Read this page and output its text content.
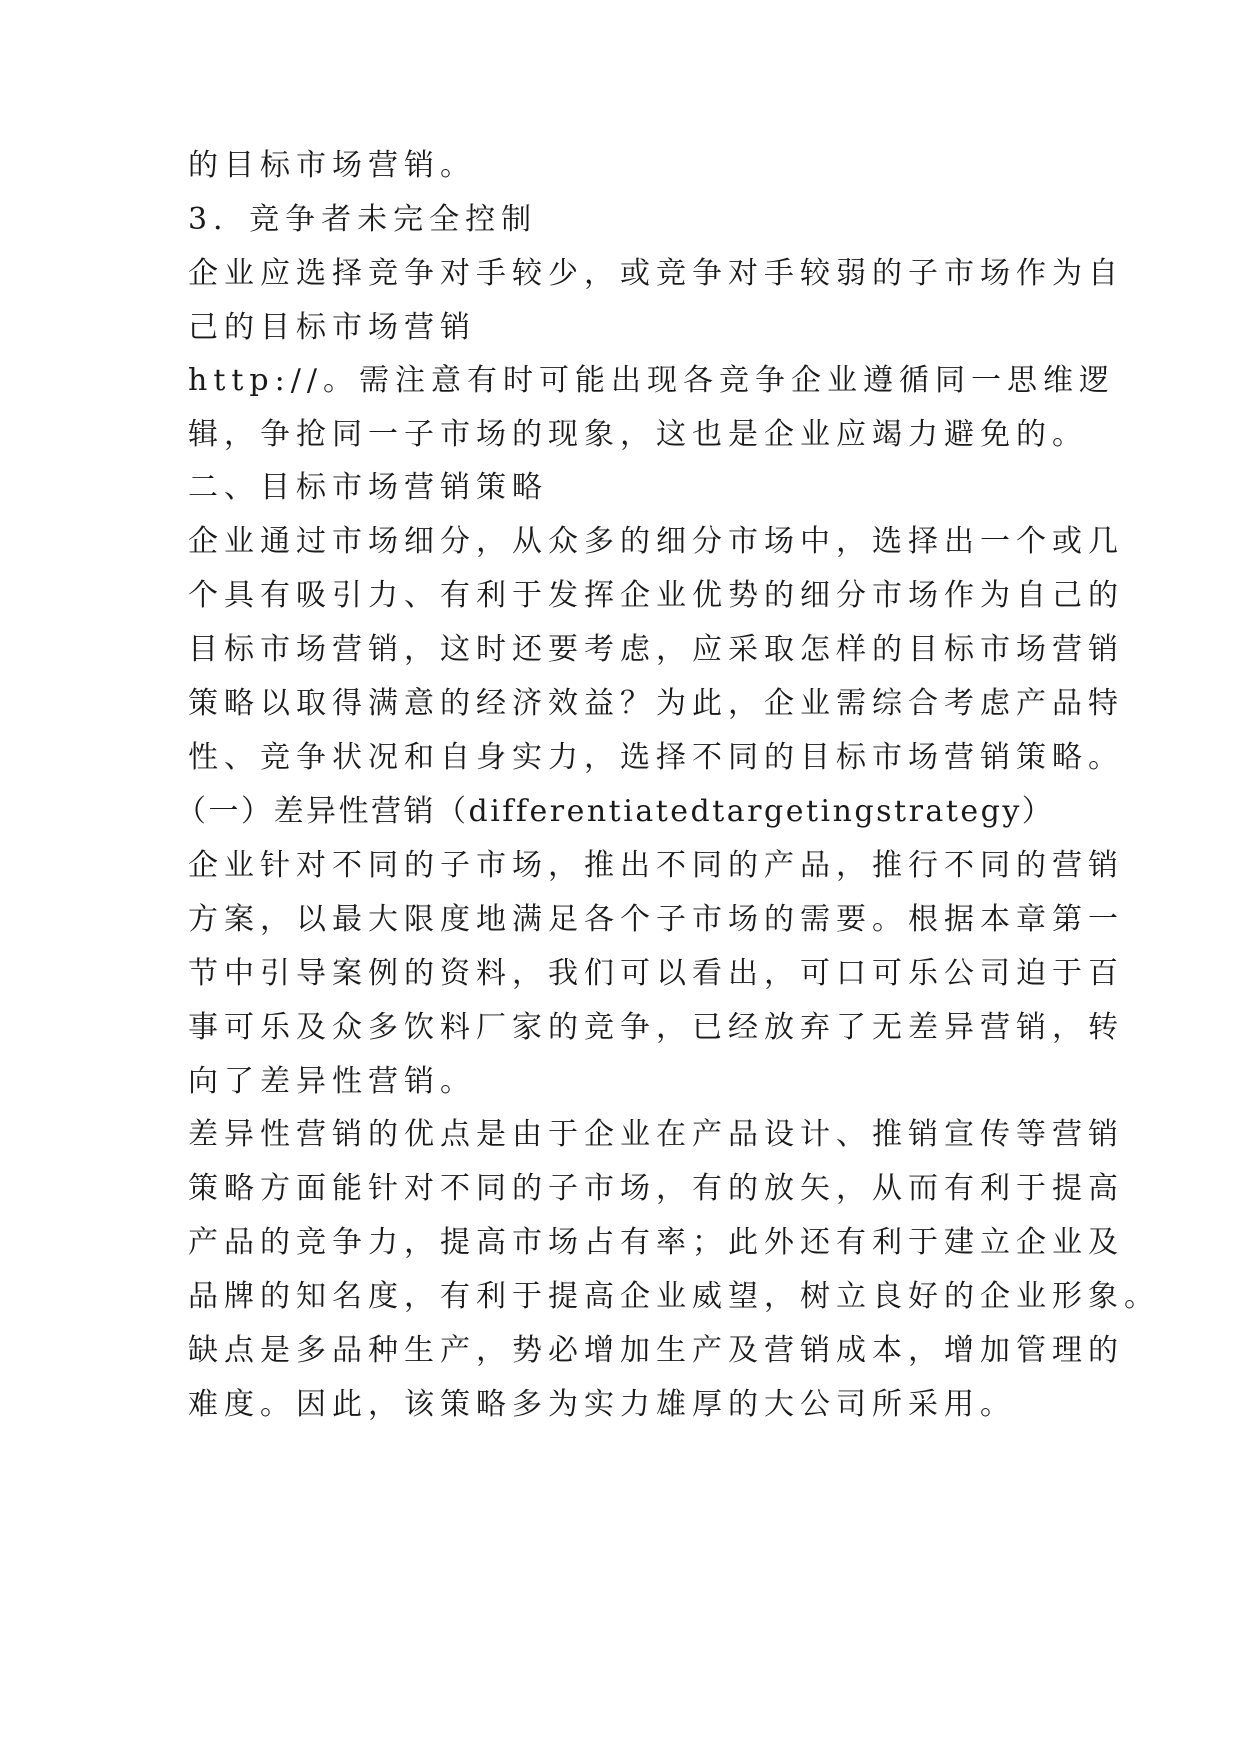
的目标市场营销。

3．竞争者未完全控制

企业应选择竞争对手较少，或竞争对手较弱的子市场作为自

己的目标市场营销

http://。需注意有时可能出现各竞争企业遵循同一思维逻

辑，争抢同一子市场的现象，这也是企业应竭力避免的。

二、目标市场营销策略

企业通过市场细分，从众多的细分市场中，选择出一个或几

个具有吸引力、有利于发挥企业优势的细分市场作为自己的

目标市场营销，这时还要考虑，应采取怎样的目标市场营销

策略以取得满意的经济效益？为此，企业需综合考虑产品特

性、竞争状况和自身实力，选择不同的目标市场营销策略。

（一）差异性营销（differentiatedtargetingstrategy）

企业针对不同的子市场，推出不同的产品，推行不同的营销

方案，以最大限度地满足各个子市场的需要。根据本章第一

节中引导案例的资料，我们可以看出，可口可乐公司迫于百

事可乐及众多饮料厂家的竞争，已经放弃了无差异营销，转

向了差异性营销。

差异性营销的优点是由于企业在产品设计、推销宣传等营销

策略方面能针对不同的子市场，有的放矢，从而有利于提高

产品的竞争力，提高市场占有率；此外还有利于建立企业及

品牌的知名度，有利于提高企业威望，树立良好的企业形象。

缺点是多品种生产，势必增加生产及营销成本，增加管理的

难度。因此，该策略多为实力雄厚的大公司所采用。
